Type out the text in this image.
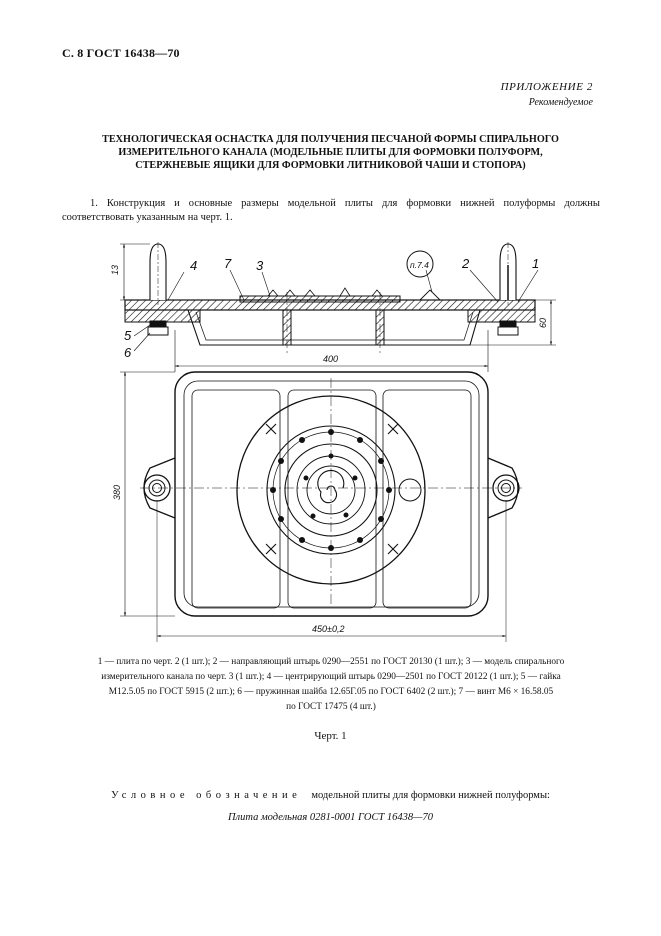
С. 8 ГОСТ 16438—70
ПРИЛОЖЕНИЕ 2
Рекомендуемое
ТЕХНОЛОГИЧЕСКАЯ ОСНАСТКА ДЛЯ ПОЛУЧЕНИЯ ПЕСЧАНОЙ ФОРМЫ СПИРАЛЬНОГО
ИЗМЕРИТЕЛЬНОГО КАНАЛА (МОДЕЛЬНЫЕ ПЛИТЫ ДЛЯ ФОРМОВКИ ПОЛУФОРМ,
СТЕРЖНЕВЫЕ ЯЩИКИ ДЛЯ ФОРМОВКИ ЛИТНИКОВОЙ ЧАШИ И СТОПОРА)
1. Конструкция и основные размеры модельной плиты для формовки нижней полуформы должны соответствовать указанным на черт. 1.
4 7 3	2	1
5
6
п.7.4
13
60
400
380
450±0,2
1 — плита по черт. 2 (1 шт.); 2 — направляющий штырь 0290—2551 по ГОСТ 20130 (1 шт.); 3 — модель спирального
измерительного канала по черт. 3 (1 шт.); 4 — центрирующий штырь 0290—2501 по ГОСТ 20122 (1 шт.); 5 — гайка
М12.5.05 по ГОСТ 5915 (2 шт.); 6 — пружинная шайба 12.65Г.05 по ГОСТ 6402 (2 шт.); 7 — винт М6 × 16.58.05
по ГОСТ 17475 (4 шт.)
Черт. 1
Условное обозначение модельной плиты для формовки нижней полуформы:
Плита модельная 0281-0001 ГОСТ 16438—70
